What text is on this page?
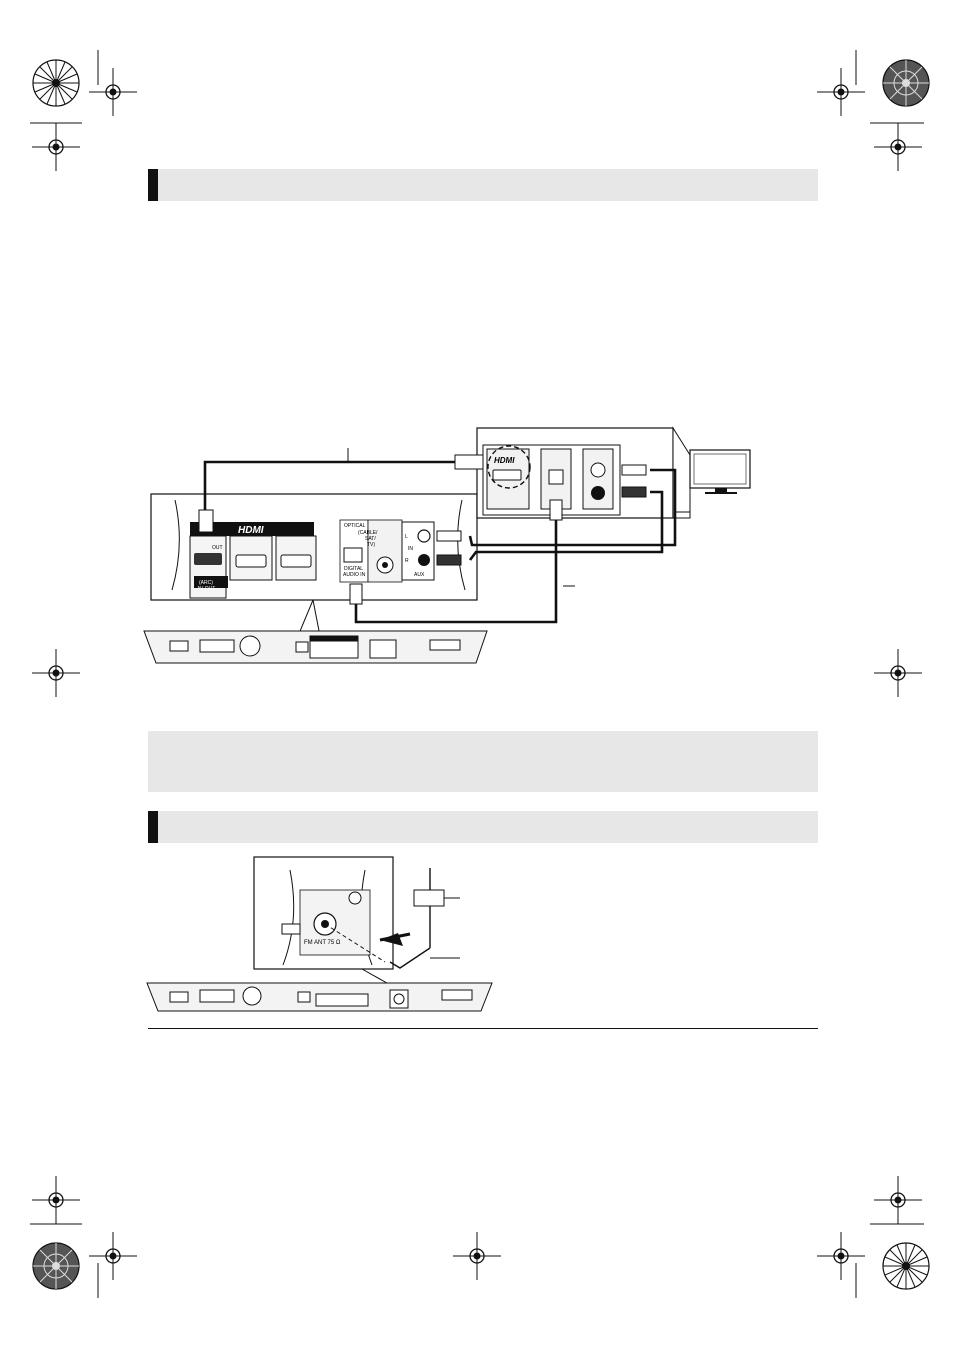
HDMI
OUT
(ARC)
AV OUT
OPTICAL
(CABLE/
SAT/
TV)
DIGITAL
AUDIO IN
IN
AUX
L
R
HDMI
FM ANT 75 Ω
